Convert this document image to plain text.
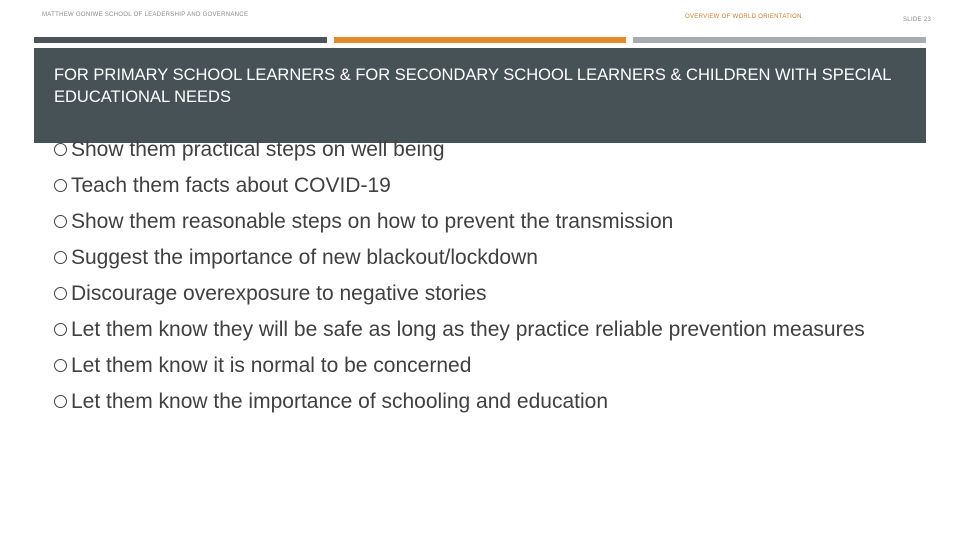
MATTHEW GONIWE SCHOOL OF LEADERSHIP AND GOVERNANCE	OVERVIEW OF WORLD ORIENTATION	SLIDE 23
FOR PRIMARY SCHOOL LEARNERS & FOR SECONDARY SCHOOL LEARNERS & CHILDREN WITH SPECIAL EDUCATIONAL NEEDS
Show them practical steps on well being
Teach them facts about COVID-19
Show them reasonable steps on how to prevent the transmission
Suggest the importance of new blackout/lockdown
Discourage overexposure to negative stories
Let them know they will be safe as long as they practice reliable prevention measures
Let them know it is normal to be concerned
Let them know the importance of schooling and education
